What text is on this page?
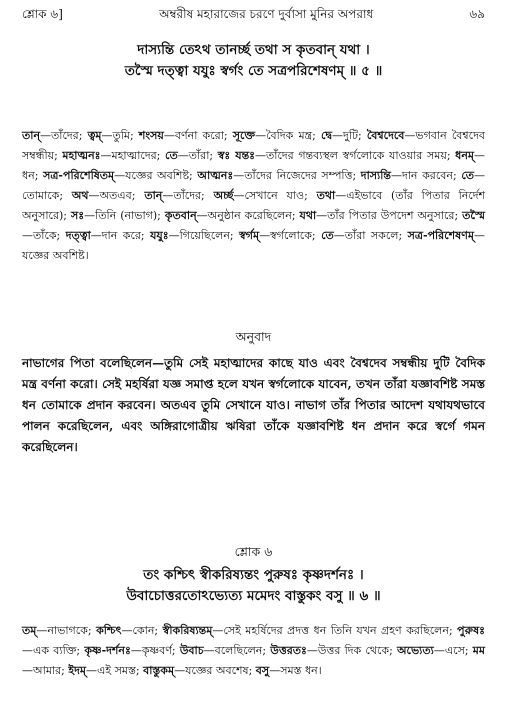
শ্লোক ৬]	অম্বরীষ মহারাজের চরণে দুর্বাসা মুনির অপরাধ	৬৯
দাস্যন্তি তেঽথ তানর্চ্ছ তথা স কৃতবান্ যথা ।
তস্মৈ দত্ত্বা যযুঃ স্বর্গং তে সত্রপরিশেষণম্ ॥ ৫ ॥
তান্—তাঁদের; ত্বম্—তুমি; শংসয়—বর্ণনা করো; সূক্তে—বৈদিক মন্ত্র; দ্বে—দুটি; বৈশ্বদেবে—ভগবান বৈশ্বদেব সম্বন্ধীয়; মহাত্মনঃ—মহাত্মাদের; তে—তাঁরা; স্বঃ যন্তঃ—তাঁদের গন্তব্যস্থল স্বর্গলোকে যাওয়ার সময়; ধনম্—ধন; সত্র-পরিশেষিতম্—যজ্ঞের অবশিষ্ট; আত্মনঃ—তাঁদের নিজেদের সম্পত্তি; দাস্যন্তি—দান করবেন; তে—তোমাকে; অথ—অতএব; তান্—তাঁদের; অর্চ্ছ—সেখানে যাও; তথা—এইভাবে (তাঁর পিতার নির্দেশ অনুসারে); সঃ—তিনি (নাভাগ); কৃতবান্—অনুষ্ঠান করেছিলেন; যথা—তাঁর পিতার উপদেশ অনুসারে; তস্মৈ—তাঁকে; দত্ত্বা—দান করে; যযুঃ—গিয়েছিলেন; স্বর্গম্—স্বর্গলোকে; তে—তাঁরা সকলে; সত্র-পরিশেষণম্—যজ্ঞের অবশিষ্ট।
অনুবাদ
নাভাগের পিতা বলেছিলেন—তুমি সেই মহাত্মাদের কাছে যাও এবং বৈশ্বদেব সম্বন্ধীয় দুটি বৈদিক মন্ত্র বর্ণনা করো। সেই মহর্ষিরা যজ্ঞ সমাপ্ত হলে যখন স্বর্গলোকে যাবেন, তখন তাঁরা যজ্ঞাবশিষ্ট সমস্ত ধন তোমাকে প্রদান করবেন। অতএব তুমি সেখানে যাও। নাভাগ তাঁর পিতার আদেশ যথাযথভাবে পালন করেছিলেন, এবং অঙ্গিরাগোত্রীয় ঋষিরা তাঁকে যজ্ঞাবশিষ্ট ধন প্রদান করে স্বর্গে গমন করেছিলেন।
শ্লোক ৬
তং কশ্চিৎ স্বীকরিষ্যন্তং পুরুষঃ কৃষ্ণদর্শনঃ ।
উবাচোত্তরতোঽভ্যেত্য মমেদং বাস্তুকং বসু ॥ ৬ ॥
তম্—নাভাগকে; কশ্চিৎ—কোন; স্বীকরিষ্যন্তম্—সেই মহর্ষিদের প্রদত্ত ধন তিনি যখন গ্রহণ করছিলেন; পুরুষঃ—এক ব্যক্তি; কৃষ্ণ-দর্শনঃ—কৃষ্ণবর্ণ; উবাচ—বলেছিলেন; উত্তরতঃ—উত্তর দিক থেকে; অভ্যেত্য—এসে; মম—আমার; ইদম্—এই সমস্ত; বাস্তুকম্—যজ্ঞের অবশেষ; বসু—সমস্ত ধন।
